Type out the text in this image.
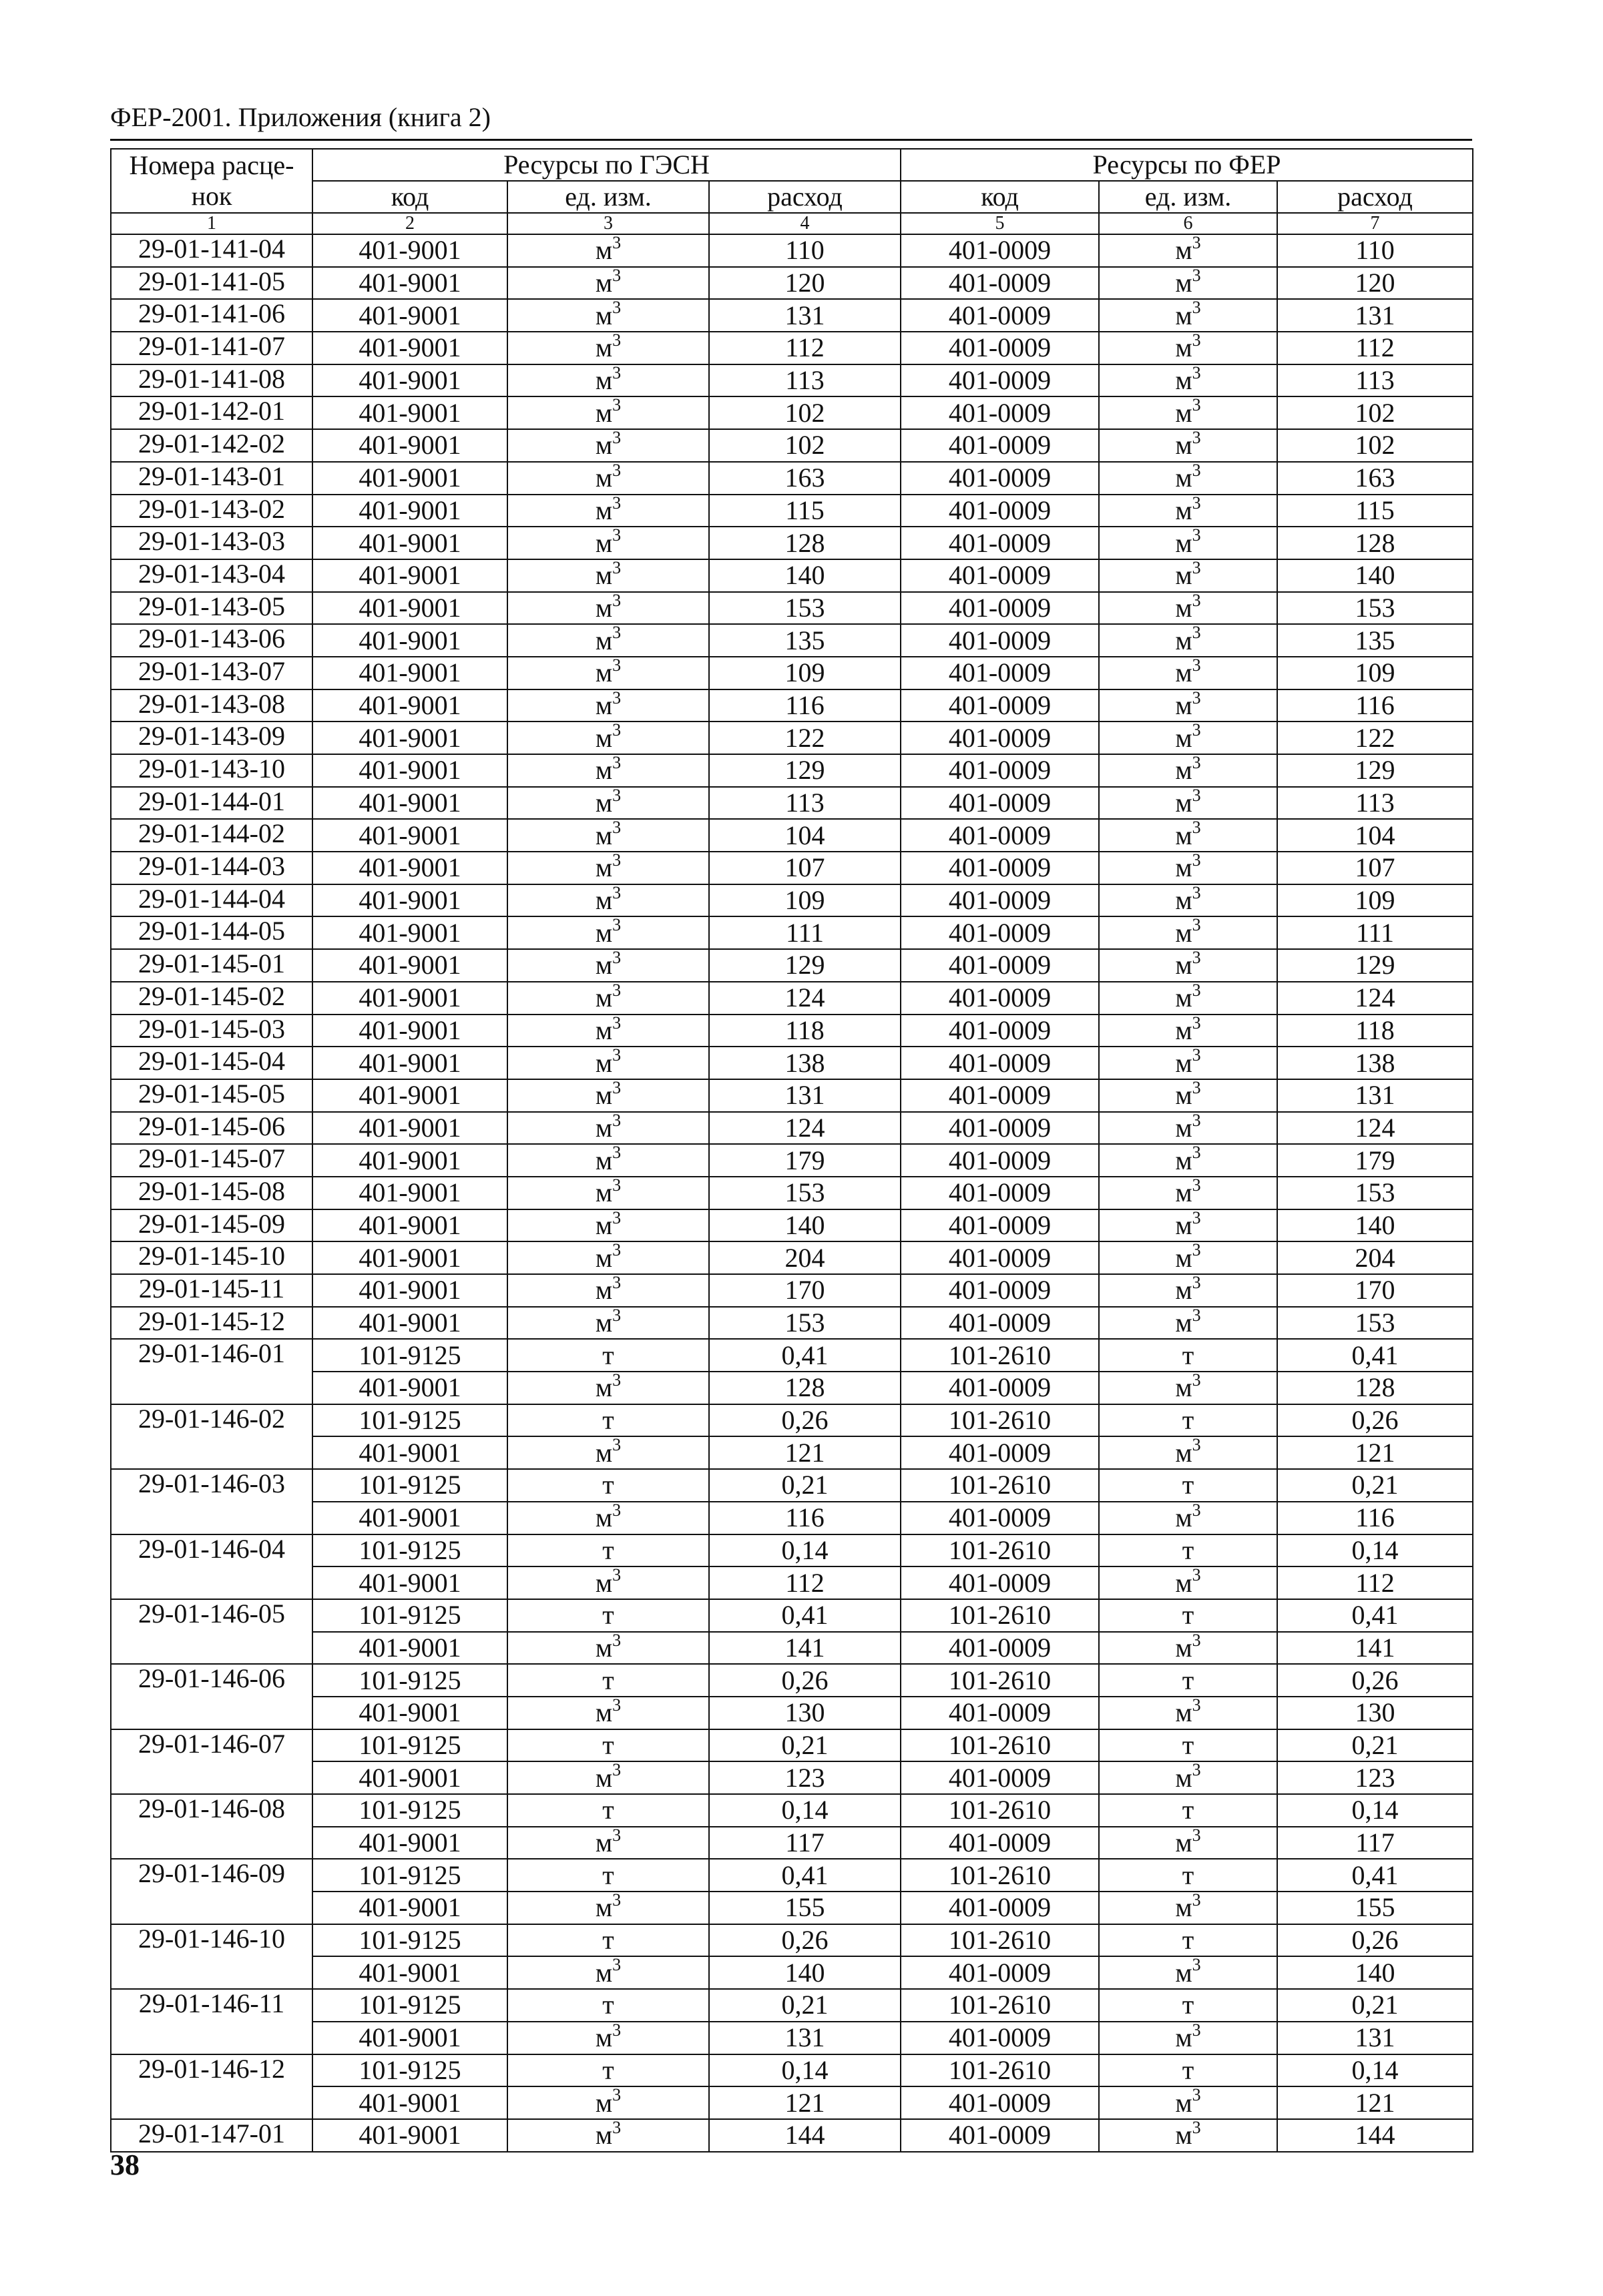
ФЕР-2001. Приложения (книга 2)
Номера расце-нок	Ресурсы по ГЭСН			Ресурсы по ФЕР		
	код	ед. изм.	расход	код	ед. изм.	расход
1	2	3	4	5	6	7
29-01-141-04	401-9001	$м^3$	110	401-0009	$м^3$	110
29-01-141-05	401-9001	$м^3$	120	401-0009	$м^3$	120
29-01-141-06	401-9001	$м^3$	131	401-0009	$м^3$	131
29-01-141-07	401-9001	$м^3$	112	401-0009	$м^3$	112
29-01-141-08	401-9001	$м^3$	113	401-0009	$м^3$	113
29-01-142-01	401-9001	$м^3$	102	401-0009	$м^3$	102
29-01-142-02	401-9001	$м^3$	102	401-0009	$м^3$	102
29-01-143-01	401-9001	$м^3$	163	401-0009	$м^3$	163
29-01-143-02	401-9001	$м^3$	115	401-0009	$м^3$	115
29-01-143-03	401-9001	$м^3$	128	401-0009	$м^3$	128
29-01-143-04	401-9001	$м^3$	140	401-0009	$м^3$	140
29-01-143-05	401-9001	$м^3$	153	401-0009	$м^3$	153
29-01-143-06	401-9001	$м^3$	135	401-0009	$м^3$	135
29-01-143-07	401-9001	$м^3$	109	401-0009	$м^3$	109
29-01-143-08	401-9001	$м^3$	116	401-0009	$м^3$	116
29-01-143-09	401-9001	$м^3$	122	401-0009	$м^3$	122
29-01-143-10	401-9001	$м^3$	129	401-0009	$м^3$	129
29-01-144-01	401-9001	$м^3$	113	401-0009	$м^3$	113
29-01-144-02	401-9001	$м^3$	104	401-0009	$м^3$	104
29-01-144-03	401-9001	$м^3$	107	401-0009	$м^3$	107
29-01-144-04	401-9001	$м^3$	109	401-0009	$м^3$	109
29-01-144-05	401-9001	$м^3$	111	401-0009	$м^3$	111
29-01-145-01	401-9001	$м^3$	129	401-0009	$м^3$	129
29-01-145-02	401-9001	$м^3$	124	401-0009	$м^3$	124
29-01-145-03	401-9001	$м^3$	118	401-0009	$м^3$	118
29-01-145-04	401-9001	$м^3$	138	401-0009	$м^3$	138
29-01-145-05	401-9001	$м^3$	131	401-0009	$м^3$	131
29-01-145-06	401-9001	$м^3$	124	401-0009	$м^3$	124
29-01-145-07	401-9001	$м^3$	179	401-0009	$м^3$	179
29-01-145-08	401-9001	$м^3$	153	401-0009	$м^3$	153
29-01-145-09	401-9001	$м^3$	140	401-0009	$м^3$	140
29-01-145-10	401-9001	$м^3$	204	401-0009	$м^3$	204
29-01-145-11	401-9001	$м^3$	170	401-0009	$м^3$	170
29-01-145-12	401-9001	$м^3$	153	401-0009	$м^3$	153
29-01-146-01	101-9125	т	0,41	101-2610	т	0,41
	401-9001	$м^3$	128	401-0009	$м^3$	128
29-01-146-02	101-9125	т	0,26	101-2610	т	0,26
	401-9001	$м^3$	121	401-0009	$м^3$	121
29-01-146-03	101-9125	т	0,21	101-2610	т	0,21
	401-9001	$м^3$	116	401-0009	$м^3$	116
29-01-146-04	101-9125	т	0,14	101-2610	т	0,14
	401-9001	$м^3$	112	401-0009	$м^3$	112
29-01-146-05	101-9125	т	0,41	101-2610	т	0,41
	401-9001	$м^3$	141	401-0009	$м^3$	141
29-01-146-06	101-9125	т	0,26	101-2610	т	0,26
	401-9001	$м^3$	130	401-0009	$м^3$	130
29-01-146-07	101-9125	т	0,21	101-2610	т	0,21
	401-9001	$м^3$	123	401-0009	$м^3$	123
29-01-146-08	101-9125	т	0,14	101-2610	т	0,14
	401-9001	$м^3$	117	401-0009	$м^3$	117
29-01-146-09	101-9125	т	0,41	101-2610	т	0,41
	401-9001	$м^3$	155	401-0009	$м^3$	155
29-01-146-10	101-9125	т	0,26	101-2610	т	0,26
	401-9001	$м^3$	140	401-0009	$м^3$	140
29-01-146-11	101-9125	т	0,21	101-2610	т	0,21
	401-9001	$м^3$	131	401-0009	$м^3$	131
29-01-146-12	101-9125	т	0,14	101-2610	т	0,14
	401-9001	$м^3$	121	401-0009	$м^3$	121
29-01-147-01	401-9001	$м^3$	144	401-0009	$м^3$	144
38
